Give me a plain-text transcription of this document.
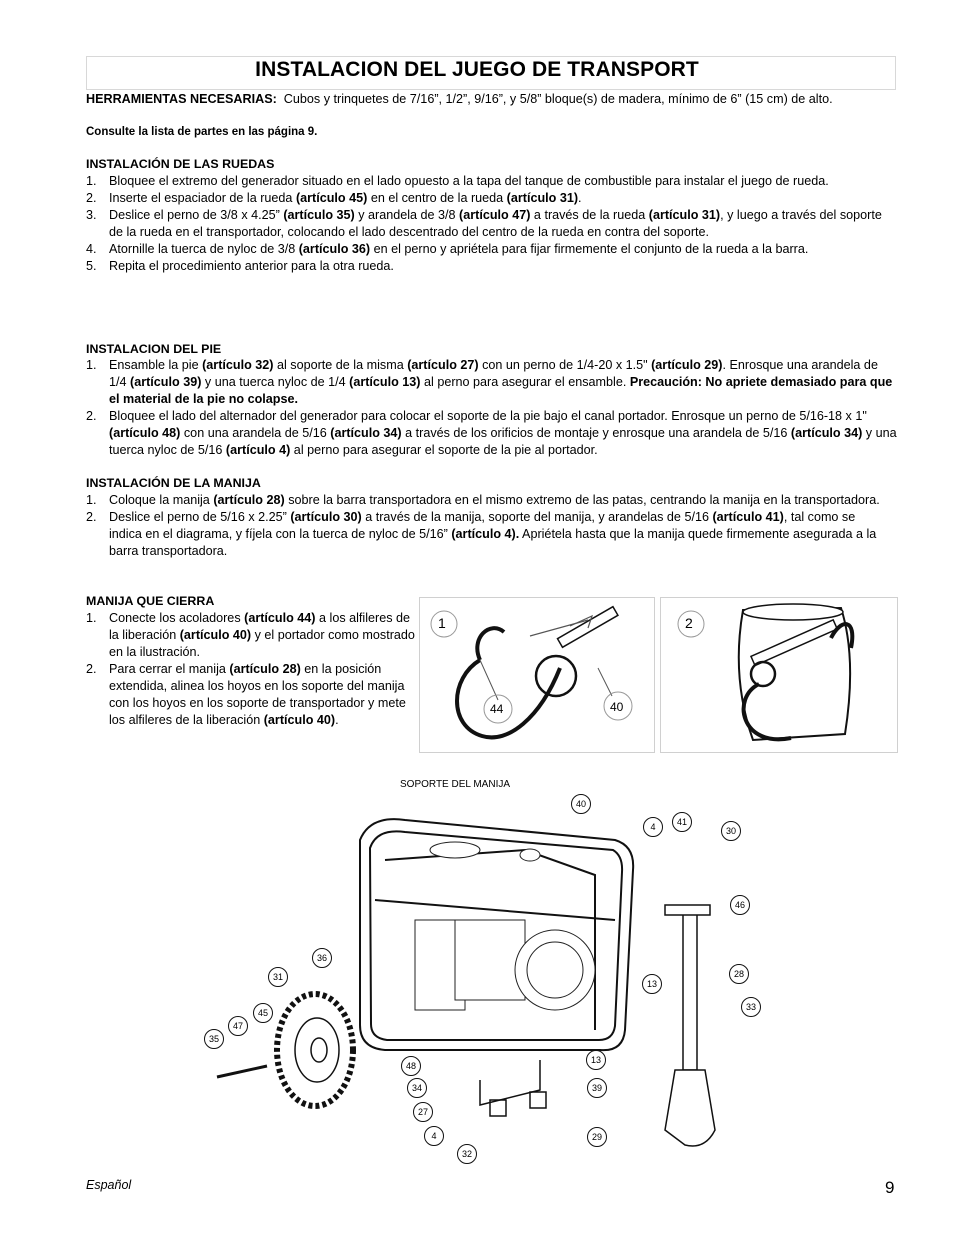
INSTALACION DEL JUEGO DE TRANSPORT
HERRAMIENTAS NECESARIAS: Cubos y trinquetes de 7/16”, 1/2”, 9/16”, y 5/8” bloque(s) de madera, mínimo de 6” (15 cm) de alto.
Consulte la lista de partes en las página 9.
INSTALACIÓN DE LAS RUEDAS
1. Bloquee el extremo del generador situado en el lado opuesto a la tapa del tanque de combustible para instalar el juego de rueda.
2. Inserte el espaciador de la rueda (artículo 45) en el centro de la rueda (artículo 31).
3. Deslice el perno de 3/8 x 4.25” (artículo 35) y arandela de 3/8 (artículo 47) a través de la rueda (artículo 31), y luego a través del soporte de la rueda en el transportador, colocando el lado descentrado del centro de la rueda en contra del soporte.
4. Atornille la tuerca de nyloc de 3/8 (artículo 36) en el perno y apriétela para fijar firmemente el conjunto de la rueda a la barra.
5. Repita el procedimiento anterior para la otra rueda.
INSTALACION DEL PIE
1. Ensamble la pie (artículo 32) al soporte de la misma (artículo 27) con un perno de 1/4-20 x 1.5" (artículo 29). Enrosque una arandela de 1/4 (artículo 39) y una tuerca nyloc de 1/4 (artículo 13) al perno para asegurar el ensamble. Precaución: No apriete demasiado para que el material de la pie no colapse.
2. Bloquee el lado del alternador del generador para colocar el soporte de la pie bajo el canal portador. Enrosque un perno de 5/16-18 x 1" (artículo 48) con una arandela de 5/16 (artículo 34) a través de los orificios de montaje y enrosque una arandela de 5/16 (artículo 34) y una tuerca nyloc de 5/16 (artículo 4) al perno para asegurar el soporte de la pie al portador.
INSTALACIÓN DE LA MANIJA
1. Coloque la manija (artículo 28) sobre la barra transportadora en el mismo extremo de las patas, centrando la manija en la transportadora.
2. Deslice el perno de 5/16 x 2.25” (artículo 30) a través de la manija, soporte del manija, y arandelas de 5/16 (artículo 41), tal como se indica en el diagrama, y fíjela con la tuerca de nyloc de 5/16” (artículo 4). Apriétela hasta que la manija quede firmemente asegurada a la barra transportadora.
MANIJA QUE CIERRA
1. Conecte los acoladores (artículo 44) a los alfileres de la liberación (artículo 40) y el portador como mostrado en la ilustración.
2. Para cerrar el manija (artículo 28) en la posición extendida, alinea los hoyos en los soporte del manija con los hoyos en los soporte de transportador y mete los alfileres de la liberación (artículo 40).
1
44	40
2
SOPORTE DEL MANIJA
Español	9
40
4	41
30
46
36
31
45
47
35
13
28
33
48
34
27
4
32
13
39
29
